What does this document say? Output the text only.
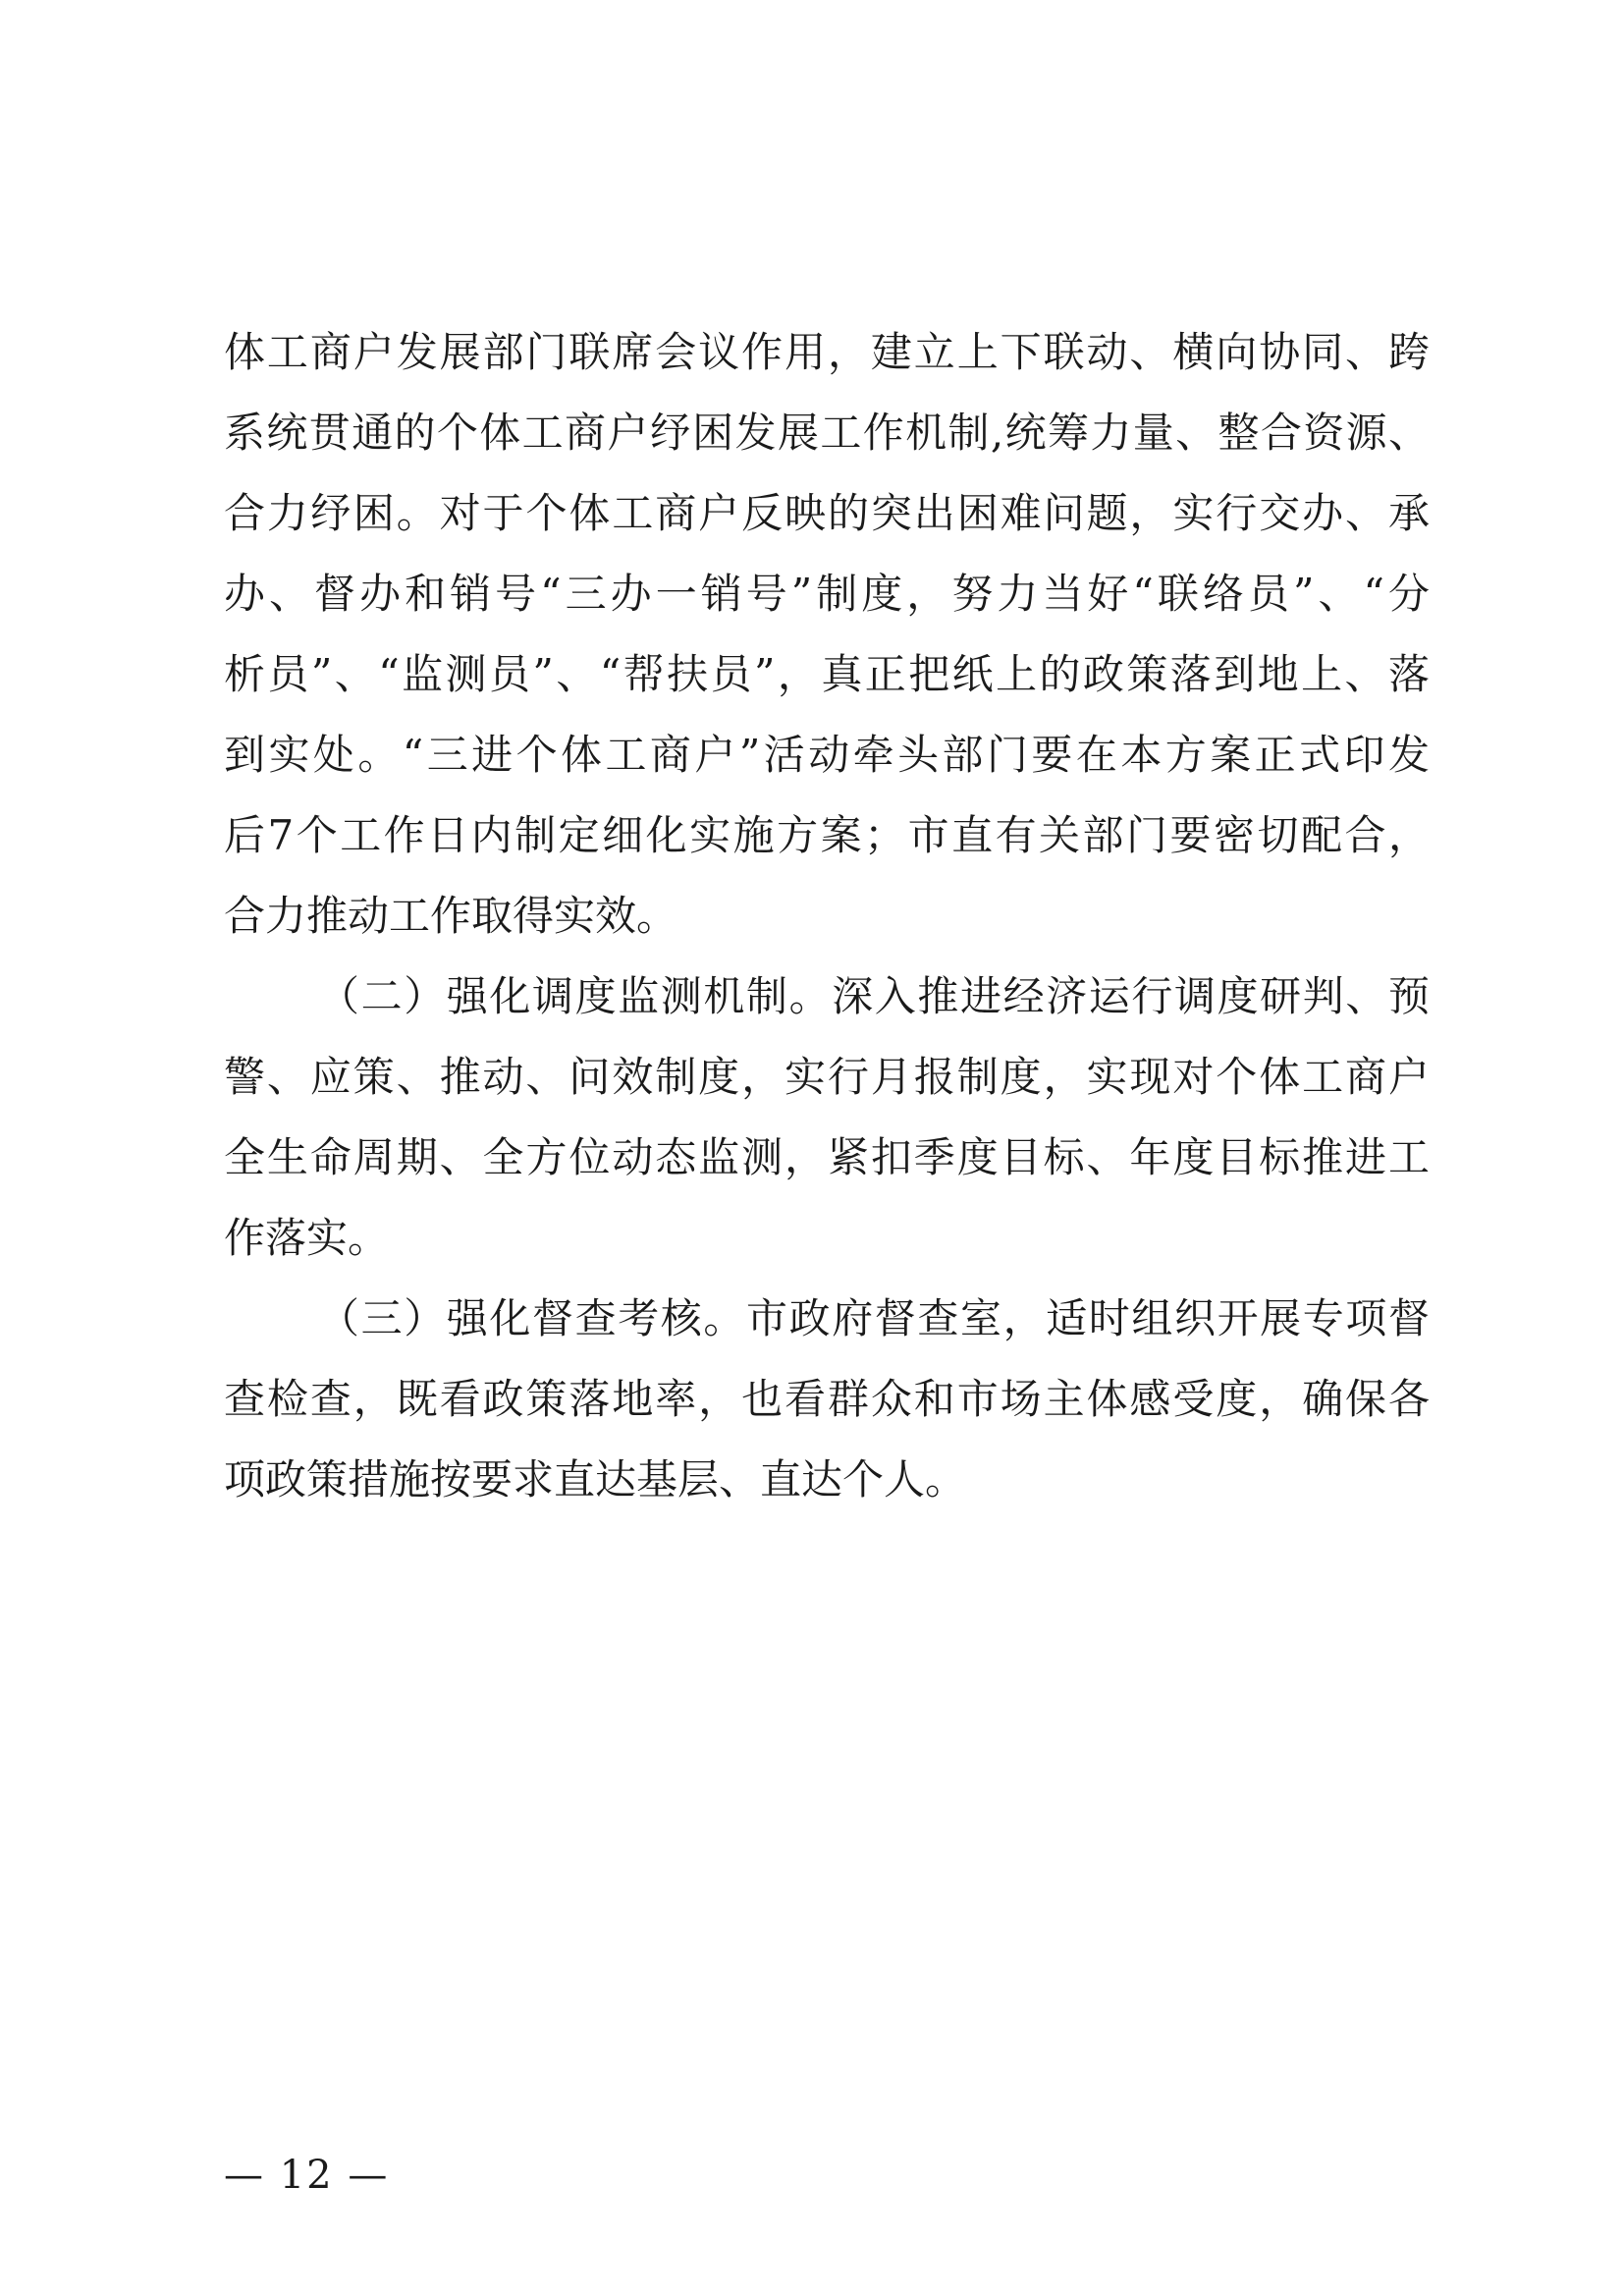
体工商户发展部门联席会议作用，建立上下联动、横向协同、跨
系统贯通的个体工商户纾困发展工作机制,统筹力量、整合资源、
合力纾困。对于个体工商户反映的突出困难问题，实行交办、承
办、督办和销号“三办一销号”制度，努力当好“联络员”、“分
析员”、“监测员”、“帮扶员”，真正把纸上的政策落到地上、落
到实处。“三进个体工商户”活动牵头部门要在本方案正式印发
后7个工作日内制定细化实施方案；市直有关部门要密切配合，
合力推动工作取得实效。
（二）强化调度监测机制。深入推进经济运行调度研判、预
警、应策、推动、问效制度，实行月报制度，实现对个体工商户
全生命周期、全方位动态监测，紧扣季度目标、年度目标推进工
作落实。
（三）强化督查考核。市政府督查室，适时组织开展专项督
查检查，既看政策落地率，也看群众和市场主体感受度，确保各
项政策措施按要求直达基层、直达个人。
— 12 —
